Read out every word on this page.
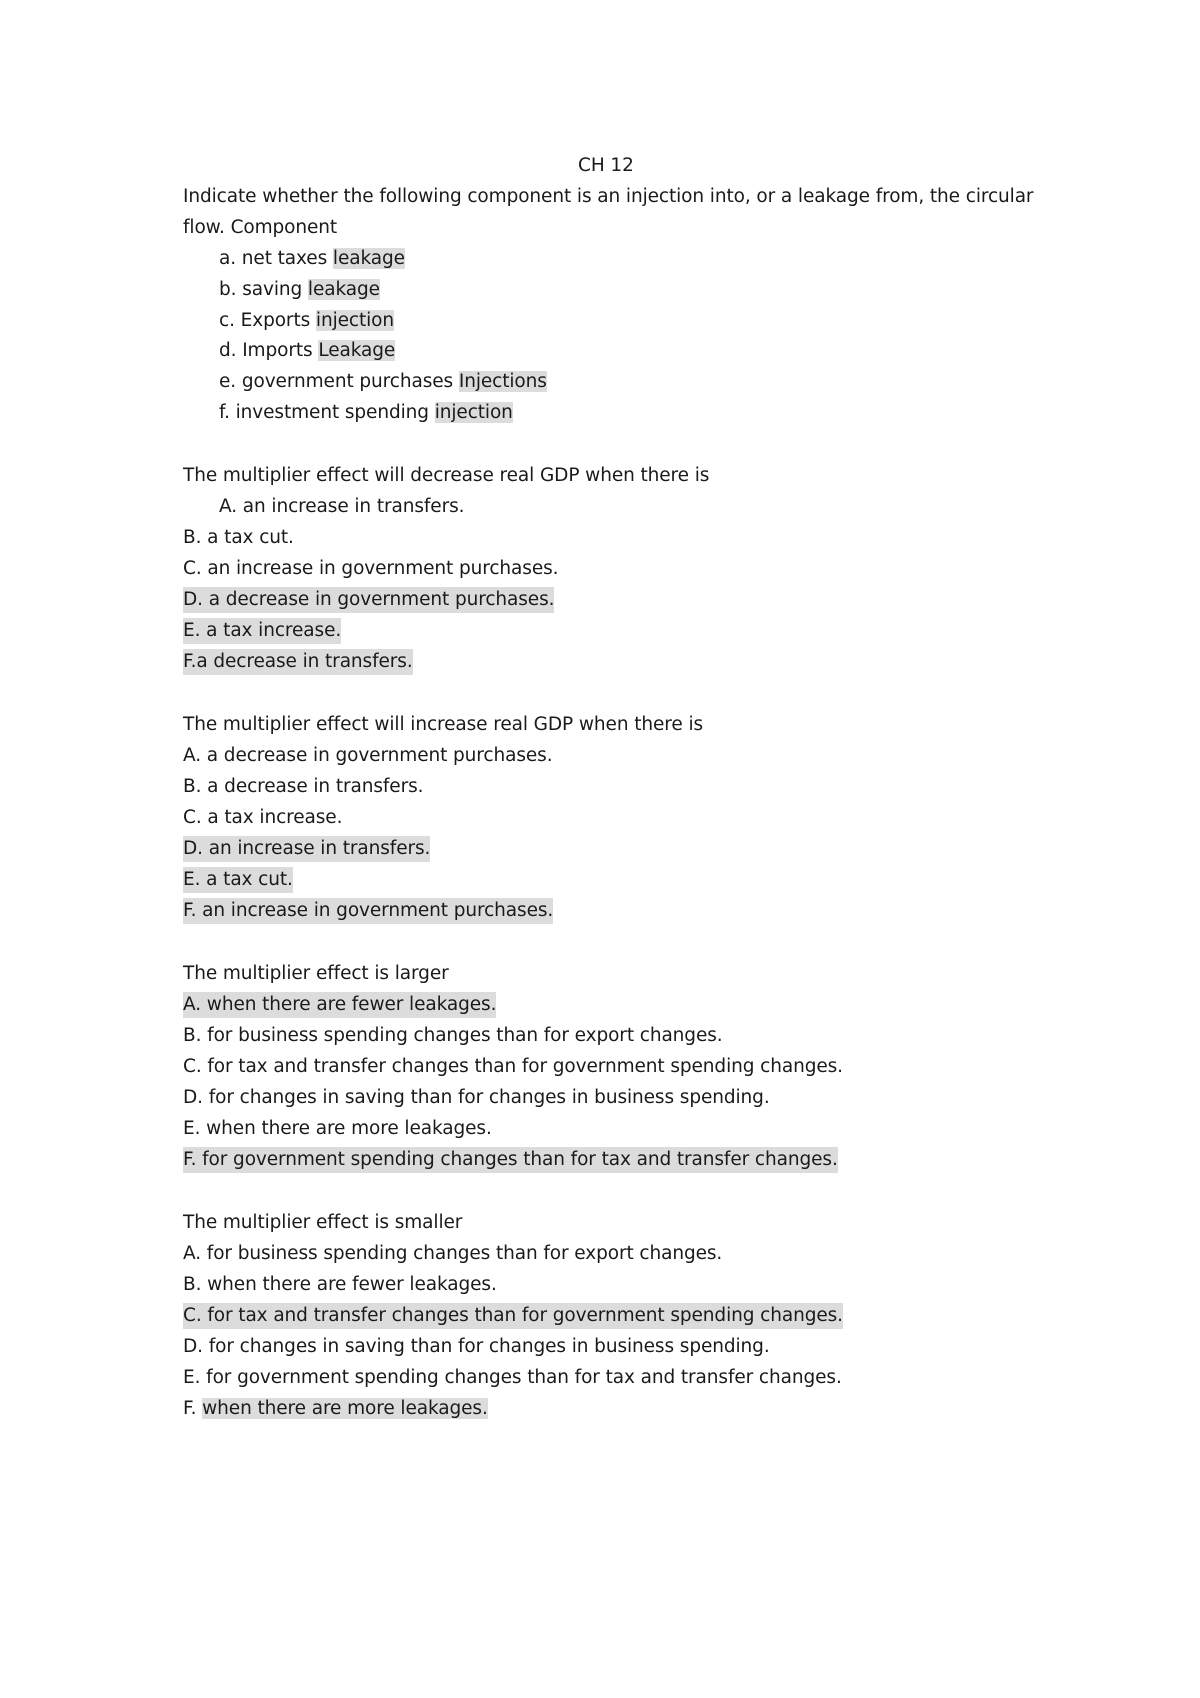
CH 12
Indicate whether the following component is an injection into, or a leakage from, the circular
flow. Component
a. net taxes leakage
b. saving leakage
c. Exports injection
d. Imports Leakage
e. government purchases Injections
f. investment spending injection
The multiplier effect will decrease real GDP when there is
A. an increase in transfers.
B. a tax cut.
C. an increase in government purchases.
D. a decrease in government purchases.
E. a tax increase.
F.a decrease in transfers.
The multiplier effect will increase real GDP when there is
A. a decrease in government purchases.
B. a decrease in transfers.
C. a tax increase.
D. an increase in transfers.
E. a tax cut.
F. an increase in government purchases.
The multiplier effect is larger
A. when there are fewer leakages.
B. for business spending changes than for export changes.
C. for tax and transfer changes than for government spending changes.
D. for changes in saving than for changes in business spending.
E. when there are more leakages.
F. for government spending changes than for tax and transfer changes.
The multiplier effect is smaller
A. for business spending changes than for export changes.
B. when there are fewer leakages.
C. for tax and transfer changes than for government spending changes.
D. for changes in saving than for changes in business spending.
E. for government spending changes than for tax and transfer changes.
F. when there are more leakages.
